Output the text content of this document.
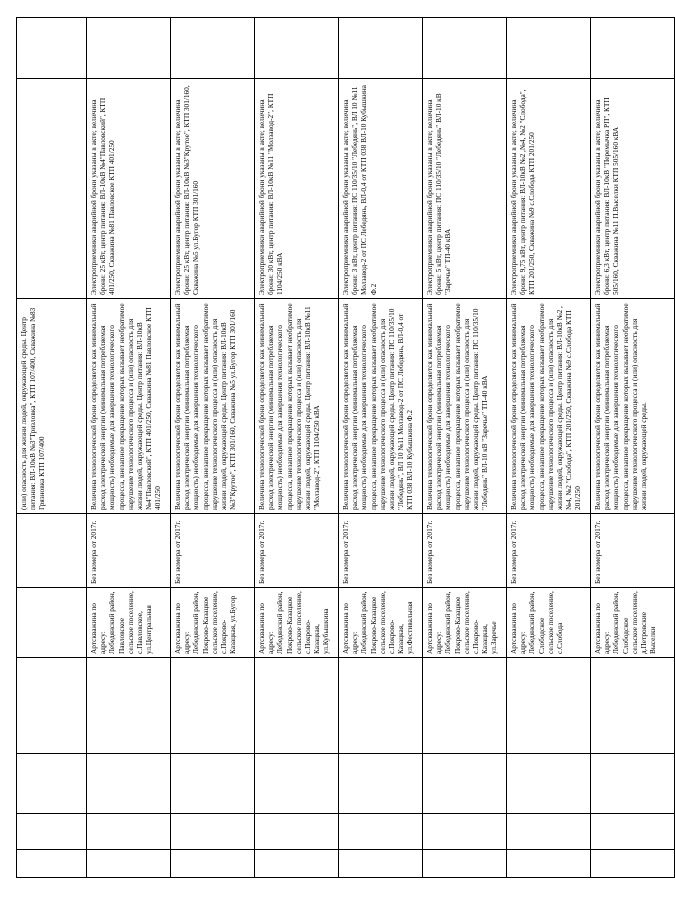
						(или) опасность для жизни людей, окружающей среды. Центр питания: ВЛ-10кВ №3"Тризловка", КТП 107/400, Скважина №83 Грязновка КТП 107/400		
				Артскважина по адресу: Лебедянский район, Павловское сельское поселение, с.Павловское, ул.Центральная	Без номера от 2017г.	Величина технологической брони определяется как минимальный расход электрической энергии (минимальная потребляемая мощность) необходимые для завершения технологического процесса, внезапное прекращение которых вызывает необратимое нарушение технологического процесса и (или) опасность для жизни людей, окружающей среды. Центр питания: ВЛ-10кВ №4"Павловский", КТП 401/250, Скважина №81 Павловское КТП 401/250	Электроприемники аварийной брони указаны в акте; величина брони: 25 кВт, центр питания: ВЛ-10кВ №4"Павловский", КТП 401/250, Скважина №81 Павловское КТП 401/250	
				Артскважина по адресу: Лебедянский район, Покрово-Казацкое сельское поселение, с.Покрово-Казацкая, ул.Бугор	Без номера от 2017г.	Величина технологической брони определяется как минимальный расход электрической энергии (минимальная потребляемая мощность) необходимые для завершения технологического процесса, внезапное прекращение которых вызывает необратимое нарушение технологического процесса и (или) опасность для жизни людей, окружающей среды. Центр питания: ВЛ-10кВ №3"Крутое", КТП 301/160, Скважина №5 ул.Бугор КТП 301/160	Электроприемники аварийной брони указаны в акте; величина брони: 25 кВт, центр питания: ВЛ-10кВ №3"Крутое", КТП 301/160, Скважина №5 ул.Бугор КТП 301/160	
				Артскважина по адресу: Лебедянский район, Покрово-Казацкое сельское поселение, с.Покрово-Казацкая, ул.Кубышкина	Без номера от 2017г.	Величина технологической брони определяется как минимальный расход электрической энергии (минимальная потребляемая мощность) необходимые для завершения технологического процесса, внезапное прекращение которых вызывает необратимое нарушение технологического процесса и (или) опасность для жизни людей, окружающей среды. Центр питания: ВЛ-10кВ №11 "Молзавод-2", КТП 1104/250 кВА	Электроприемники аварийной брони указаны в акте; величина брони: 30 кВт, центр питания: ВЛ-10кВ №11 "Молзавод-2", КТП 1104/250 кВА	
				Артскважина по адресу: Лебедянский район, Покрово-Казацкое сельское поселение, с.Покрово-Казацкая, ул.Фестивальная	Без номера от 2017г.	Величина технологической брони определяется как минимальный расход электрической энергии (минимальная потребляемая мощность) необходимые для завершения технологического процесса, внезапное прекращение которых вызывает необратимое нарушение технологического процесса и (или) опасность для жизни людей, окружающей среды. Центр питания: ПС 110/35/10 "Лебедянь", ВЛ 10 №11 Молзавод-2 от ПС Лебедянь, ВЛ-0,4 от КТП 038 ВЛ-10 Кубышкина Ф.2	Электроприемники аварийной брони указаны в акте; величина брони: 3 кВт, центр питания: ПС 110/35/10 "Лебедянь", ВЛ 10 №11 Молзавод-2 от ПС Лебедянь, ВЛ-0,4 от КТП 038 ВЛ-10 Кубышкина Ф.2	
				Артскважина по адресу: Лебедянский район, Покрово-Казацкое сельское поселение, с.Покрово-Казацкая, ул.Заречье	Без номера от 2017г.	Величина технологической брони определяется как минимальный расход электрической энергии (минимальная потребляемая мощность) необходимые для завершения технологического процесса, внезапное прекращение которых вызывает необратимое нарушение технологического процесса и (или) опасность для жизни людей, окружающей среды. Центр питания: ПС 110/35/10 "Лебедянь" ВЛ-10 кВ "Заречье" ТП-40 кВА	Электроприемники аварийной брони указаны в акте; величина брони: 5 кВт, центр питания: ПС 110/35/10 "Лебедянь" ВЛ-10 кВ "Заречье" ТП-40 кВА	
				Артскважина по адресу: Лебедянский район, Слободское сельское поселение, с.Слобода	Без номера от 2017г.	Величина технологической брони определяется как минимальный расход электрической энергии (минимальная потребляемая мощность) необходимые для завершения технологического процесса, внезапное прекращение которых вызывает необратимое нарушение технологического процесса и (или) опасность для жизни людей, окружающей среды. Центр питания: ВЛ-10кВ №2 ,№4, №2 "Слобода", КТП 201/250, Скважина №9 с.Слобода КТП 201/250	Электроприемники аварийной брони указаны в акте; величина брони: 9,75 кВт, центр питания: ВЛ-10кВ №2 ,№4, №2 "Слобода", КТП 201/250, Скважина №9 с.Слобода КТП 201/250	
				Артскважина по адресу: Лебедянский район, Слободское сельское поселение, д.Петровские Выселки	Без номера от 2017г.	Величина технологической брони определяется как минимальный расход электрической энергии (минимальная потребляемая мощность) необходимые для завершения технологического процесса, внезапное прекращение которых вызывает необратимое нарушение технологического процесса и (или) опасность для жизни людей, окружающей среды.	Электроприемники аварийной брони указаны в акте; величина брони: 6,3 кВт, центр питания: ВЛ-10кВ "Перемычка РП", КТП 505/160, Скважина №11 П.Выселки КТП 505/160 кВА	
